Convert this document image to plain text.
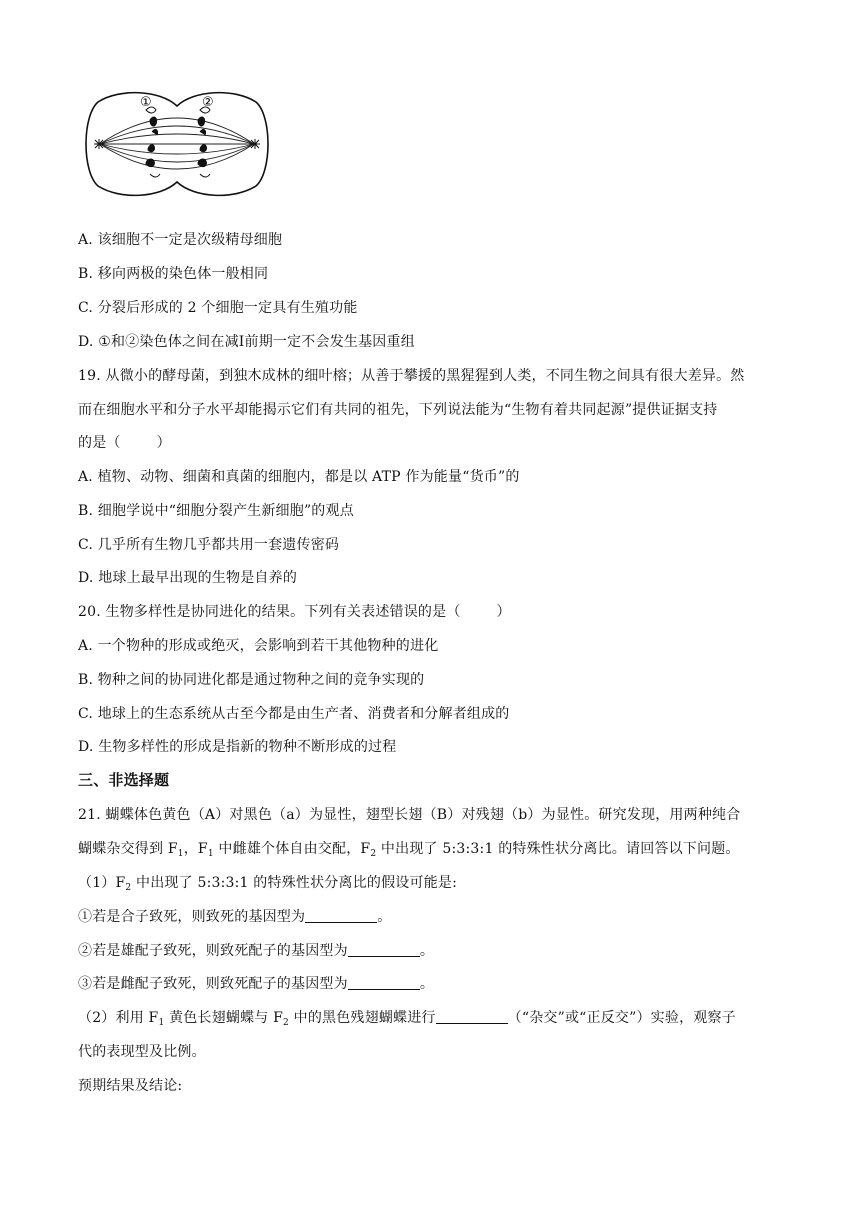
①	②
A. 该细胞不一定是次级精母细胞
B. 移向两极的染色体一般相同
C. 分裂后形成的 2 个细胞一定具有生殖功能
D. ①和②染色体之间在减Ⅰ前期一定不会发生基因重组
19. 从微小的酵母菌，到独木成林的细叶榕；从善于攀援的黑猩猩到人类，不同生物之间具有很大差异。然
而在细胞水平和分子水平却能揭示它们有共同的祖先，下列说法能为“生物有着共同起源”提供证据支持
的是（	）
A. 植物、动物、细菌和真菌的细胞内，都是以 ATP 作为能量“货币”的
B. 细胞学说中“细胞分裂产生新细胞”的观点
C. 几乎所有生物几乎都共用一套遗传密码
D. 地球上最早出现的生物是自养的
20. 生物多样性是协同进化的结果。下列有关表述错误的是（	）
A. 一个物种的形成或绝灭，会影响到若干其他物种的进化
B. 物种之间的协同进化都是通过物种之间的竞争实现的
C. 地球上的生态系统从古至今都是由生产者、消费者和分解者组成的
D. 生物多样性的形成是指新的物种不断形成的过程
三、非选择题
21. 蝴蝶体色黄色（A）对黑色（a）为显性，翅型长翅（B）对残翅（b）为显性。研究发现，用两种纯合
蝴蝶杂交得到 $F_1$，$F_1$ 中雌雄个体自由交配，$F_2$ 中出现了 5:3:3:1 的特殊性状分离比。请回答以下问题。
$(1)F_2$ 中出现了 5:3:3:1 的特殊性状分离比的假设可能是:
①若是合子致死，则致死的基因型为	。
②若是雄配子致死，则致死配子的基因型为	。
③若是雌配子致死，则致死配子的基因型为	。
（2）利用 $F_1$ 黄色长翅蝴蝶与 $F_2$ 中的黑色残翅蝴蝶进行	（“杂交”或“正反交”）实验，观察子
代的表现型及比例。
预期结果及结论:
